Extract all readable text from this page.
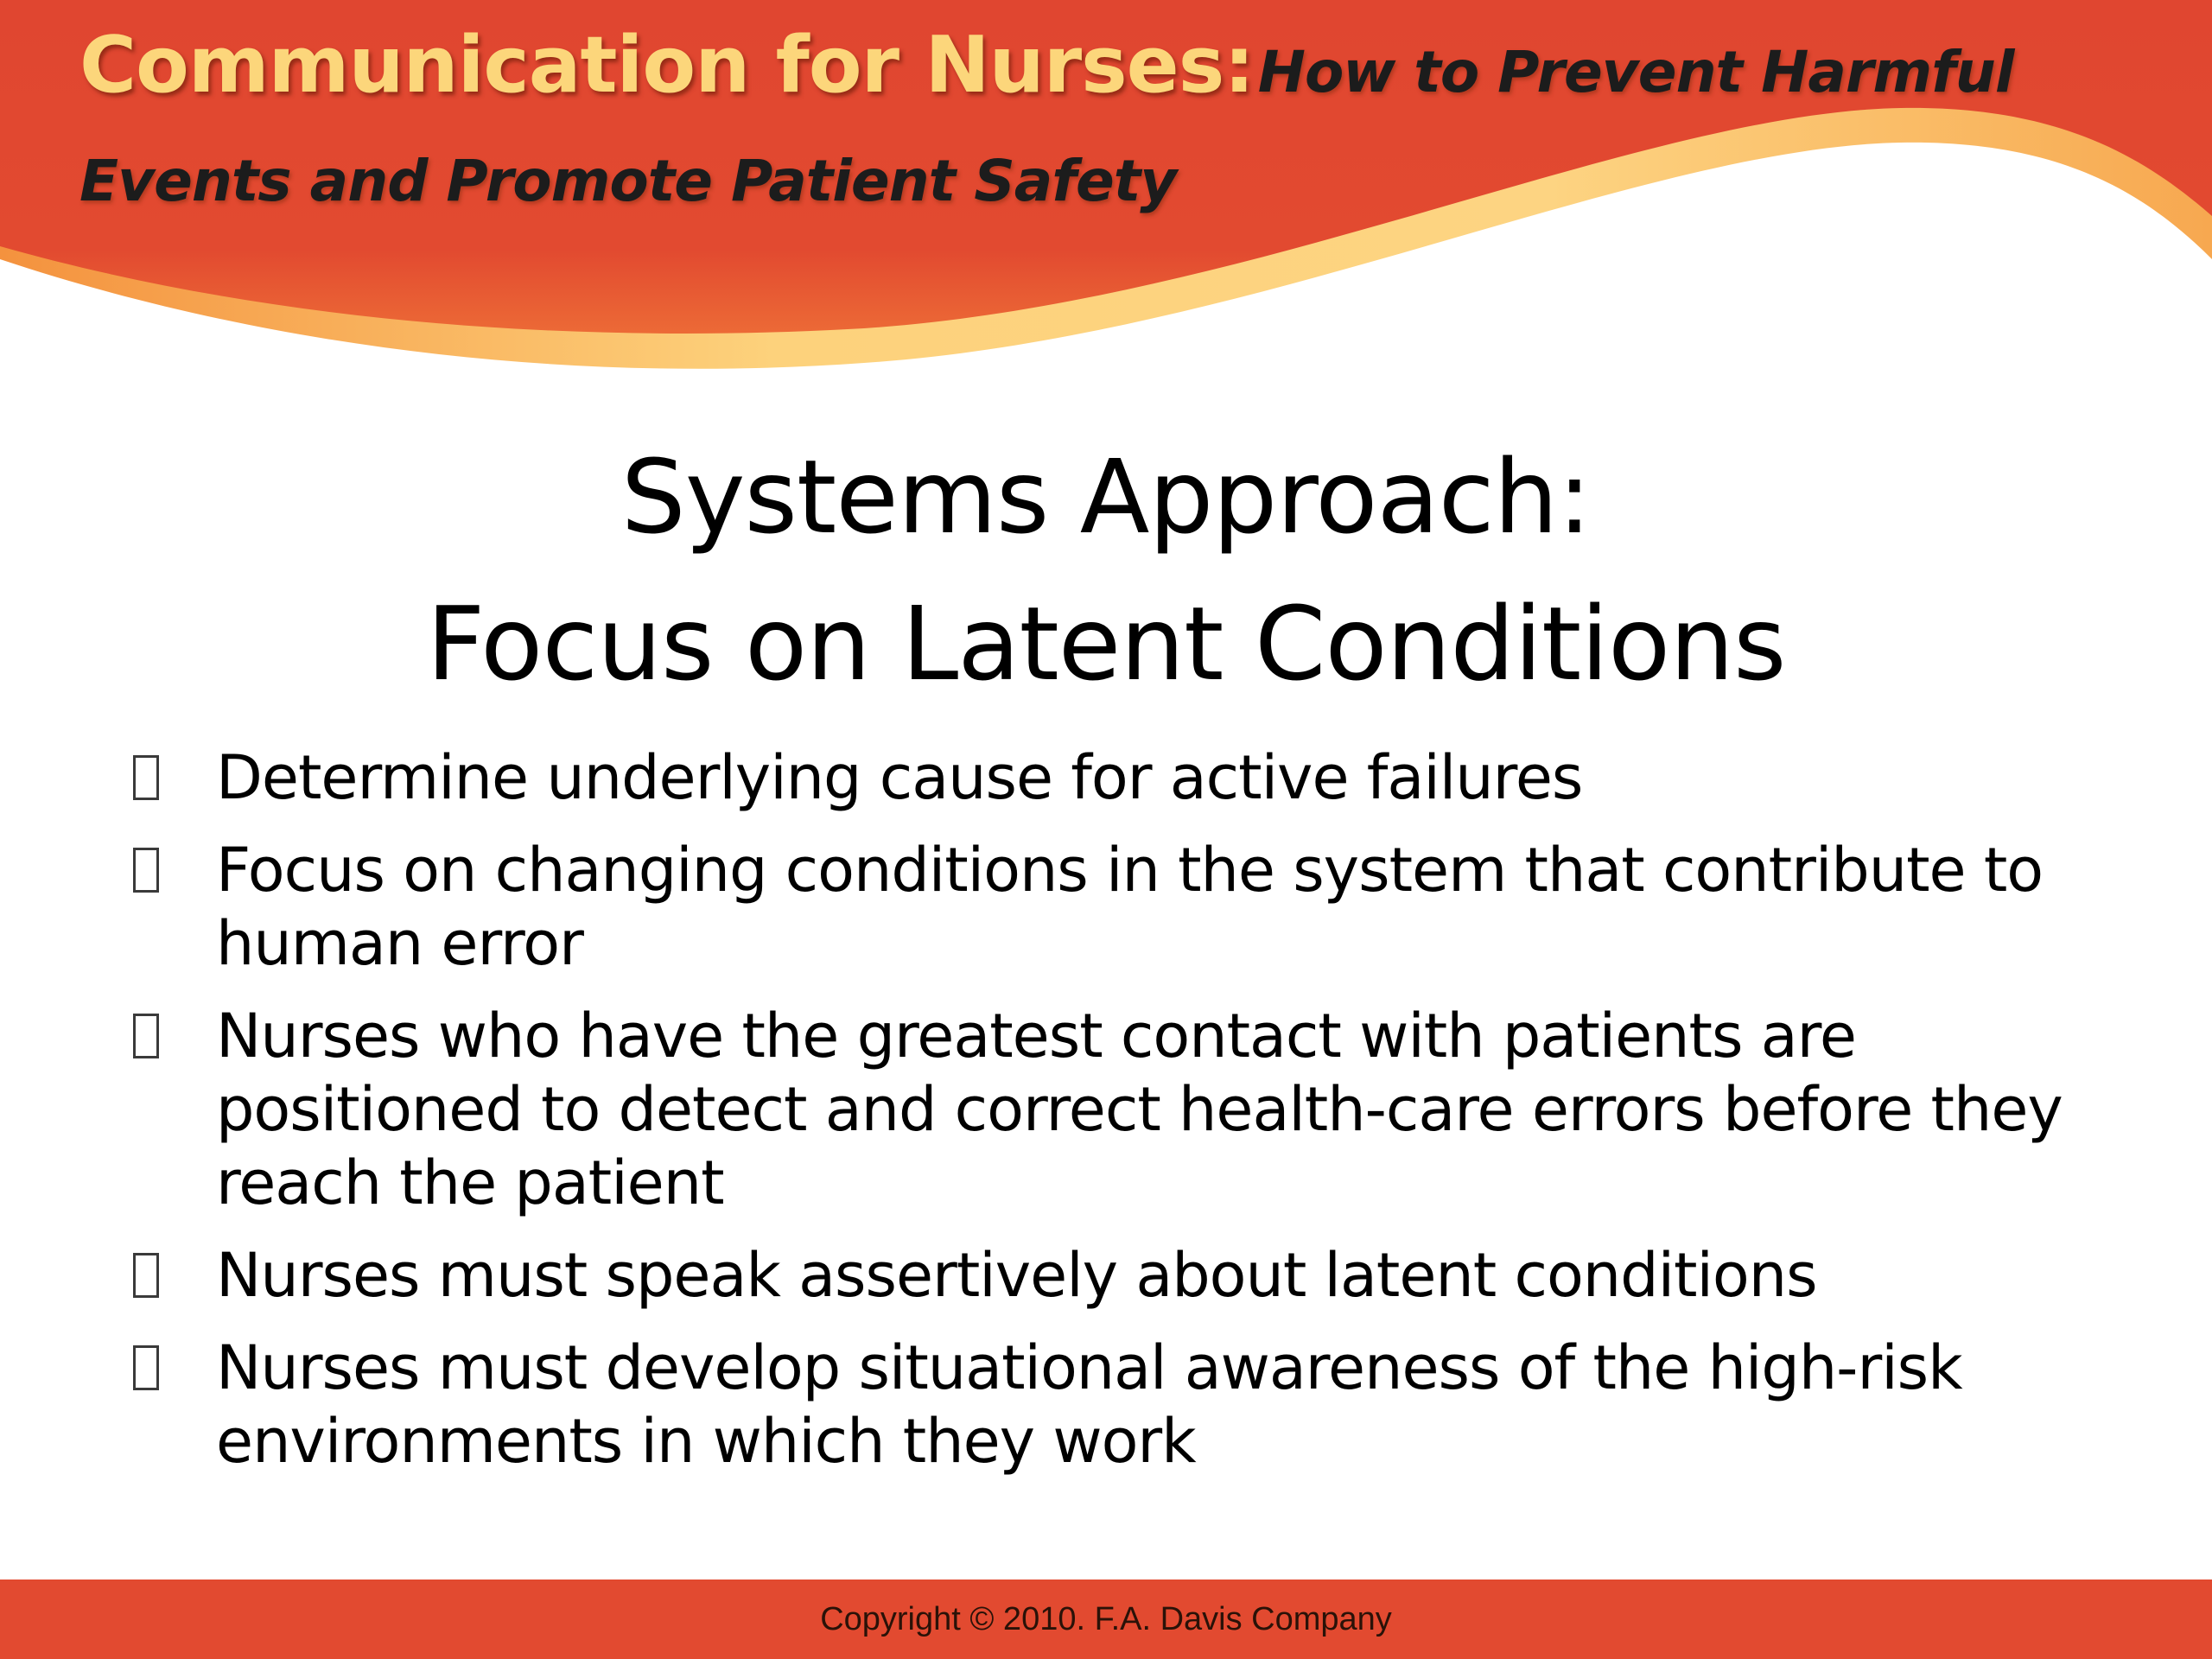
Communication for Nurses: How to Prevent Harmful Events and Promote Patient Safety
Systems Approach:
Focus on Latent Conditions
Determine underlying cause for active failures
Focus on changing conditions in the system that contribute to human error
Nurses who have the greatest contact with patients are positioned to detect and correct health-care errors before they reach the patient
Nurses must speak assertively about latent conditions
Nurses must develop situational awareness of the high-risk environments in which they work
Copyright © 2010. F.A. Davis Company
